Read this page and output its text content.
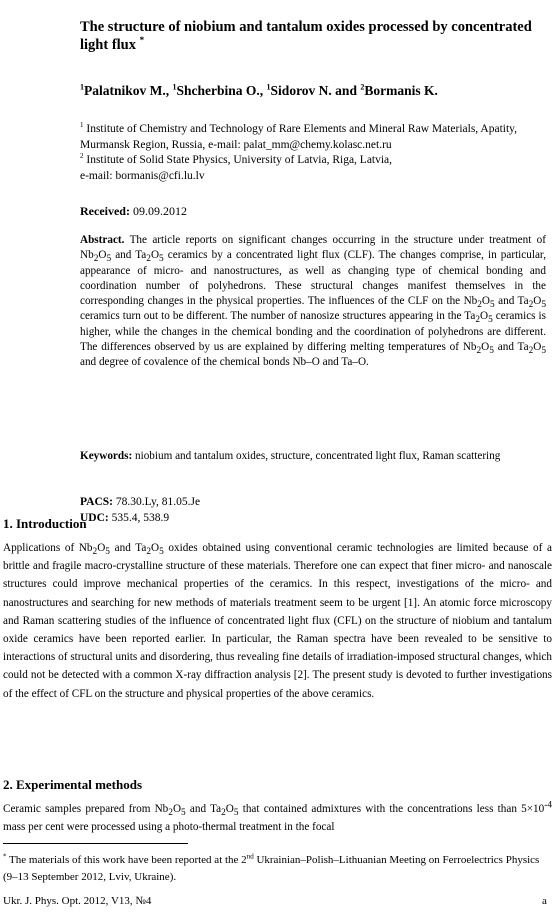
The structure of niobium and tantalum oxides processed by concentrated light flux *
$^1$Palatnikov M., $^1$Shcherbina O., $^1$Sidorov N. and $^2$Bormanis K.
$^1$ Institute of Chemistry and Technology of Rare Elements and Mineral Raw Materials, Apatity, Murmansk Region, Russia, e-mail: palat_mm@chemy.kolasc.net.ru
$^2$ Institute of Solid State Physics, University of Latvia, Riga, Latvia,
e-mail: bormanis@cfi.lu.lv
Received: 09.09.2012
Abstract. The article reports on significant changes occurring in the structure under treatment of $Nb_2O_5$ and $Ta_2O_5$ ceramics by a concentrated light flux (CLF). The changes comprise, in particular, appearance of micro- and nanostructures, as well as changing type of chemical bonding and coordination number of polyhedrons. These structural changes manifest themselves in the corresponding changes in the physical properties. The influences of the CLF on the $Nb_2O_5$ and $Ta_2O_5$ ceramics turn out to be different. The number of nanosize structures appearing in the $Ta_2O_5$ ceramics is higher, while the changes in the chemical bonding and the coordination of polyhedrons are different. The differences observed by us are explained by differing melting temperatures of $Nb_2O_5$ and $Ta_2O_5$ and degree of covalence of the chemical bonds Nb–O and Ta–O.
Keywords: niobium and tantalum oxides, structure, concentrated light flux, Raman scattering
PACS: 78.30.Ly, 81.05.Je
UDC: 535.4, 538.9
1. Introduction
Applications of $Nb_2O_5$ and $Ta_2O_5$ oxides obtained using conventional ceramic technologies are limited because of a brittle and fragile macro-crystalline structure of these materials. Therefore one can expect that finer micro- and nanoscale structures could improve mechanical properties of the ceramics. In this respect, investigations of the micro- and nanostructures and searching for new methods of materials treatment seem to be urgent [1]. An atomic force microscopy and Raman scattering studies of the influence of concentrated light flux (CFL) on the structure of niobium and tantalum oxide ceramics have been reported earlier. In particular, the Raman spectra have been revealed to be sensitive to interactions of structural units and disordering, thus revealing fine details of irradiation-imposed structural changes, which could not be detected with a common X-ray diffraction analysis [2]. The present study is devoted to further investigations of the effect of CFL on the structure and physical properties of the above ceramics.
2. Experimental methods
Ceramic samples prepared from $Nb_2O_5$ and $Ta_2O_5$ that contained admixtures with the concentrations less than $5\times 10^{-4}$ mass per cent were processed using a photo-thermal treatment in the focal
* The materials of this work have been reported at the 2nd Ukrainian–Polish–Lithuanian Meeting on Ferroelectrics Physics (9–13 September 2012, Lviv, Ukraine).
Ukr. J. Phys. Opt. 2012, V13, №4	a
